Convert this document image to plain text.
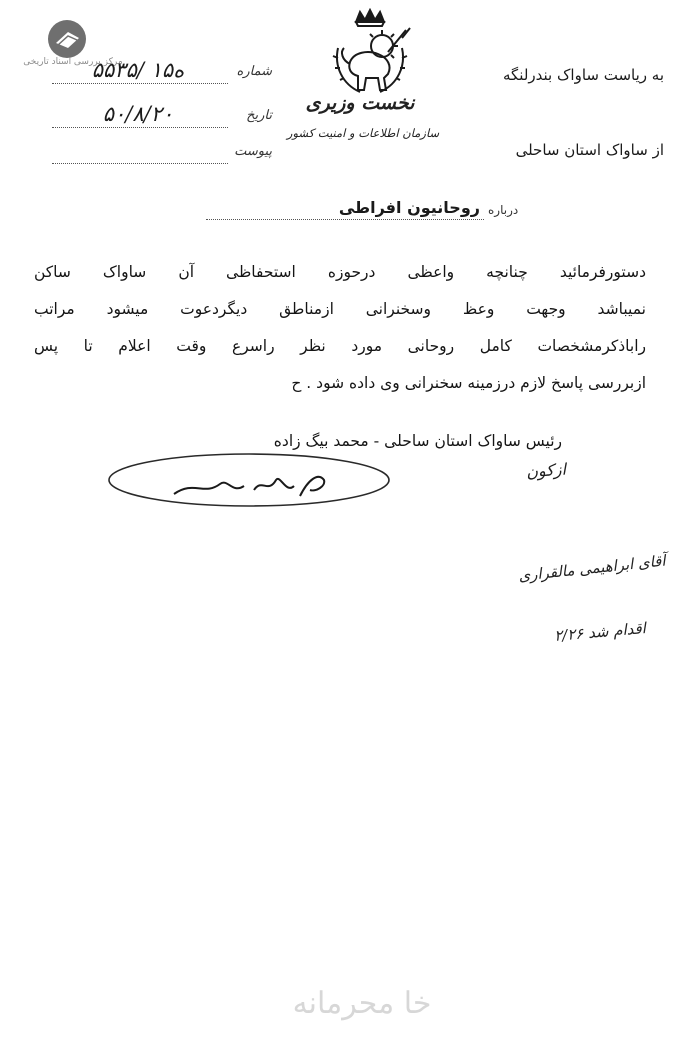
مرکز بررسی اسناد تاریخی
نخست وزیری
سازمان اطلاعات و امنیت کشور
به ریاست ساواک بندرلنگه
از ساواک استان ساحلی
شماره
۵۵۳۵/ ۱۵ه
تاریخ
۵۰/۸/۲۰
پیوست
درباره
روحانیون افراطی
دستورفرمائید چنانچه واعظی درحوزه استحفاظی آن ساواک ساکن
نمیباشد وجهت وعظ وسخنرانی ازمناطق دیگردعوت میشود مراتب
راباذکرمشخصات کامل روحانی مورد نظر راسرع وقت اعلام تا پس
ازبررسی پاسخ لازم درزمینه سخنرانی وی داده شود . ح
رئیس ساواک استان ساحلی - محمد بیگ زاده
ازکون
آقای ابراهیمی مالقراری
اقدام شد ۲/۲۶
خا محرمانه
